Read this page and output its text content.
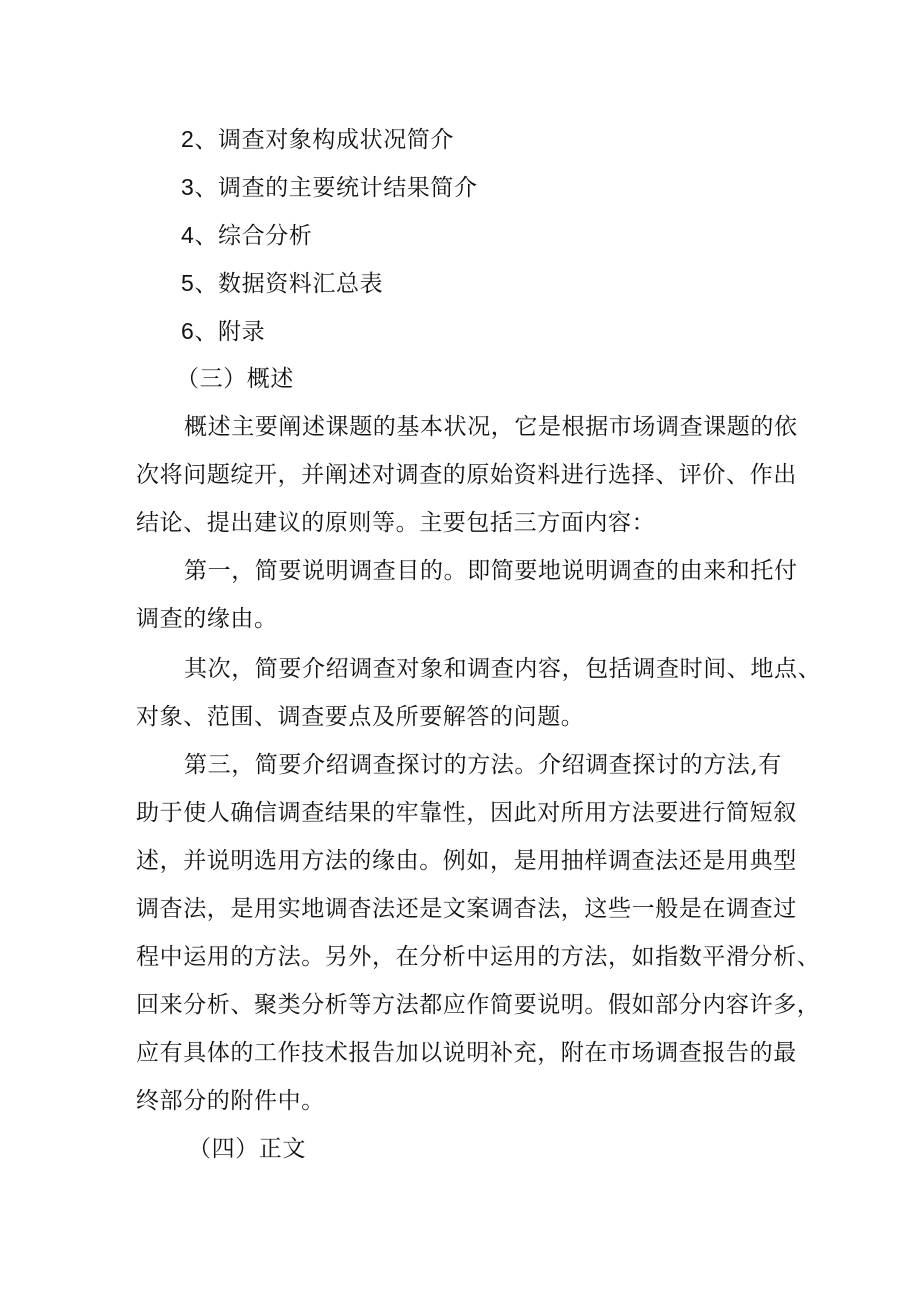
2、调查对象构成状况简介
3、调查的主要统计结果简介
4、综合分析
5、数据资料汇总表
6、附录
（三）概述
概述主要阐述课题的基本状况，它是根据市场调查课题的依
次将问题绽开，并阐述对调查的原始资料进行选择、评价、作出
结论、提出建议的原则等。主要包括三方面内容：
第一，简要说明调查目的。即简要地说明调查的由来和托付
调查的缘由。
其次，简要介绍调查对象和调查内容，包括调查时间、地点、
对象、范围、调查要点及所要解答的问题。
第三，简要介绍调查探讨的方法。介绍调查探讨的方法,有
助于使人确信调查结果的牢靠性，因此对所用方法要进行简短叙
述，并说明选用方法的缘由。例如，是用抽样调查法还是用典型
调杳法，是用实地调杳法还是文案调杳法，这些一般是在调查过
程中运用的方法。另外，在分析中运用的方法，如指数平滑分析、
回来分析、聚类分析等方法都应作简要说明。假如部分内容许多，
应有具体的工作技术报告加以说明补充，附在市场调查报告的最
终部分的附件中。
（四）正文
